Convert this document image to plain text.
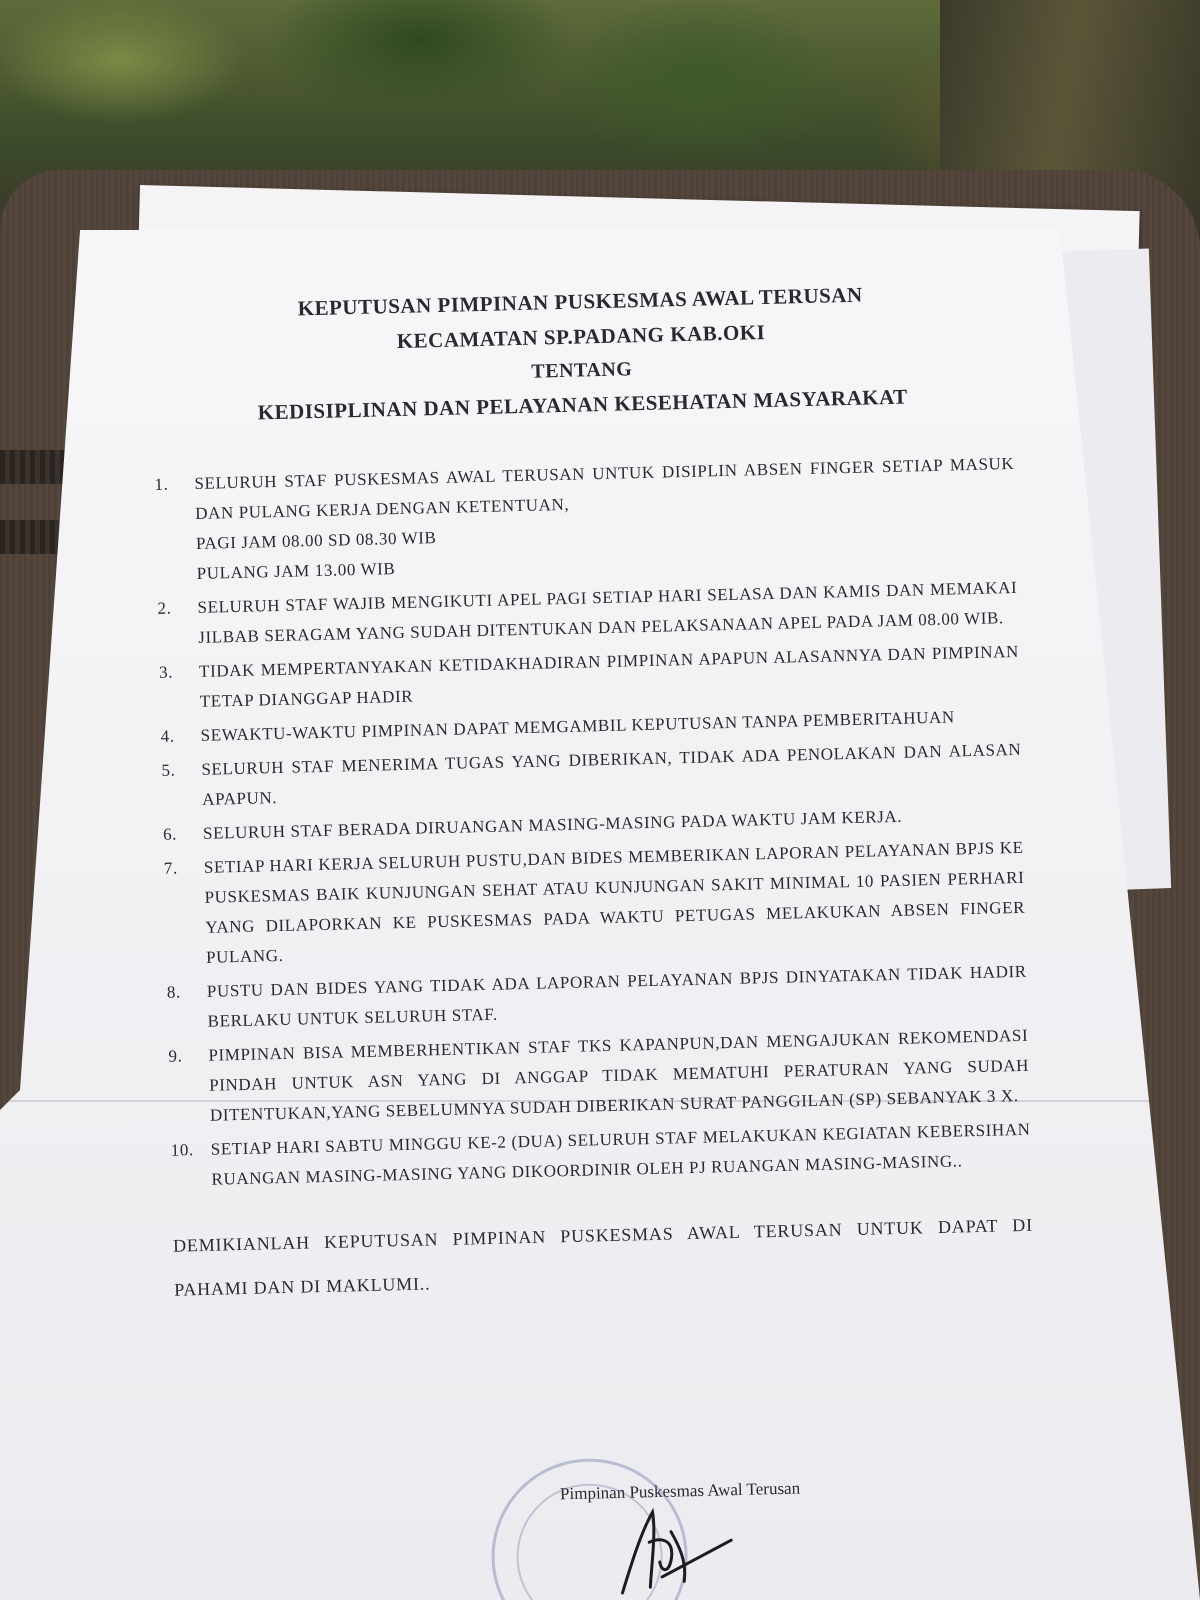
KEPUTUSAN PIMPINAN PUSKESMAS AWAL TERUSAN
KECAMATAN SP.PADANG KAB.OKI
TENTANG
KEDISIPLINAN DAN PELAYANAN KESEHATAN MASYARAKAT
1. SELURUH STAF PUSKESMAS AWAL TERUSAN UNTUK DISIPLIN ABSEN FINGER SETIAP MASUK DAN PULANG KERJA DENGAN KETENTUAN,
PAGI JAM 08.00 SD 08.30 WIB
PULANG JAM 13.00 WIB
2. SELURUH STAF WAJIB MENGIKUTI APEL PAGI SETIAP HARI SELASA DAN KAMIS DAN MEMAKAI JILBAB SERAGAM YANG SUDAH DITENTUKAN DAN PELAKSANAAN APEL PADA JAM 08.00 WIB.
3. TIDAK MEMPERTANYAKAN KETIDAKHADIRAN PIMPINAN APAPUN ALASANNYA DAN PIMPINAN TETAP DIANGGAP HADIR
4. SEWAKTU-WAKTU PIMPINAN DAPAT MEMGAMBIL KEPUTUSAN TANPA PEMBERITAHUAN
5. SELURUH STAF MENERIMA TUGAS YANG DIBERIKAN, TIDAK ADA PENOLAKAN DAN ALASAN APAPUN.
6. SELURUH STAF BERADA DIRUANGAN MASING-MASING PADA WAKTU JAM KERJA.
7. SETIAP HARI KERJA SELURUH PUSTU,DAN BIDES MEMBERIKAN LAPORAN PELAYANAN BPJS KE PUSKESMAS BAIK KUNJUNGAN SEHAT ATAU KUNJUNGAN SAKIT MINIMAL 10 PASIEN PERHARI YANG DILAPORKAN KE PUSKESMAS PADA WAKTU PETUGAS MELAKUKAN ABSEN FINGER PULANG.
8. PUSTU DAN BIDES YANG TIDAK ADA LAPORAN PELAYANAN BPJS DINYATAKAN TIDAK HADIR BERLAKU UNTUK SELURUH STAF.
9. PIMPINAN BISA MEMBERHENTIKAN STAF TKS KAPANPUN,DAN MENGAJUKAN REKOMENDASI PINDAH UNTUK ASN YANG DI ANGGAP TIDAK MEMATUHI PERATURAN YANG SUDAH DITENTUKAN,YANG SEBELUMNYA SUDAH DIBERIKAN SURAT PANGGILAN (SP) SEBANYAK 3 X.
10. SETIAP HARI SABTU MINGGU KE-2 (DUA) SELURUH STAF MELAKUKAN KEGIATAN KEBERSIHAN RUANGAN MASING-MASING YANG DIKOORDINIR OLEH PJ RUANGAN MASING-MASING..
DEMIKIANLAH KEPUTUSAN PIMPINAN PUSKESMAS AWAL TERUSAN UNTUK DAPAT DI PAHAMI DAN DI MAKLUMI..
Pimpinan Puskesmas Awal Terusan
